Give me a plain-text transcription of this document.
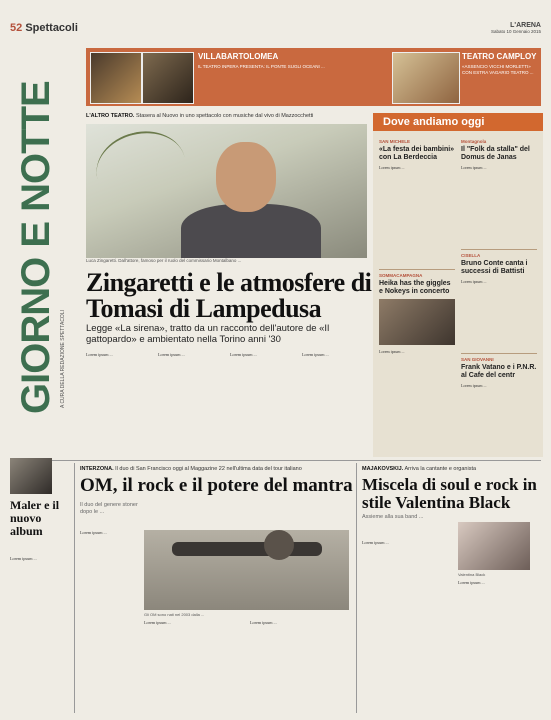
52 Spettacoli	L'ARENA
Sabato 10 Gennaio 2015
GIORNO E NOTTE
A CURA DELLA REDAZIONE SPETTACOLI
VILLABARTOLOMEA
IL TEATRO INPERA PRESENTA: IL PONTE SUGLI OCEANI ...
TEATRO CAMPLOY
«ASSENCIO VICCHI MORLETTI» CON ESTRA VAGARIO TEATRO ...
L'ALTRO TEATRO. Stasera al Nuovo in uno spettacolo con musiche dal vivo di Mazzocchetti
Luca Zingaretti. Dall'attore, famoso per il ruolo del commissario Montalbano ...
Zingaretti e le atmosfere di Tomasi di Lampedusa
Legge «La sirena», tratto da un racconto dell'autore de «Il gattopardo» e ambientato nella Torino anni '30
Lorem ipsum ...	Lorem ipsum ...	Lorem ipsum ...	Lorem ipsum ...
Dove andiamo oggi
SAN MICHELE
«La festa dei bambini» con La Berdeccia
Lorem ipsum ...
Montagnola
Il "Folk da stalla" del Domus de Janas
Lorem ipsum ...
CISELLA
Bruno Conte canta i successi di Battisti
Lorem ipsum ...
SOMMACAMPAGNA
Heika has the giggles e Nokeys in concerto
Lorem ipsum ...
SAN GIOVANNI
Frank Vatano e i P.N.R. al Cafe del centr
Lorem ipsum ...
Maler e il nuovo album
Lorem ipsum ...
INTERZONA. Il duo di San Francisco oggi al Maggazine 22 nell'ultima data del tour italiano
OM, il rock e il potere del mantra
Il duo del genere stoner dopo le ...
Lorem ipsum ...
Gli OM sono nati nel 2003 dalla ...
Lorem ipsum ...	Lorem ipsum ...
MAJAKOVSKIJ. Arriva la cantante e organista
Miscela di soul e rock in stile Valentina Black
Assieme alla sua band ...
Valentina Black
Lorem ipsum ...
Lorem ipsum ...
